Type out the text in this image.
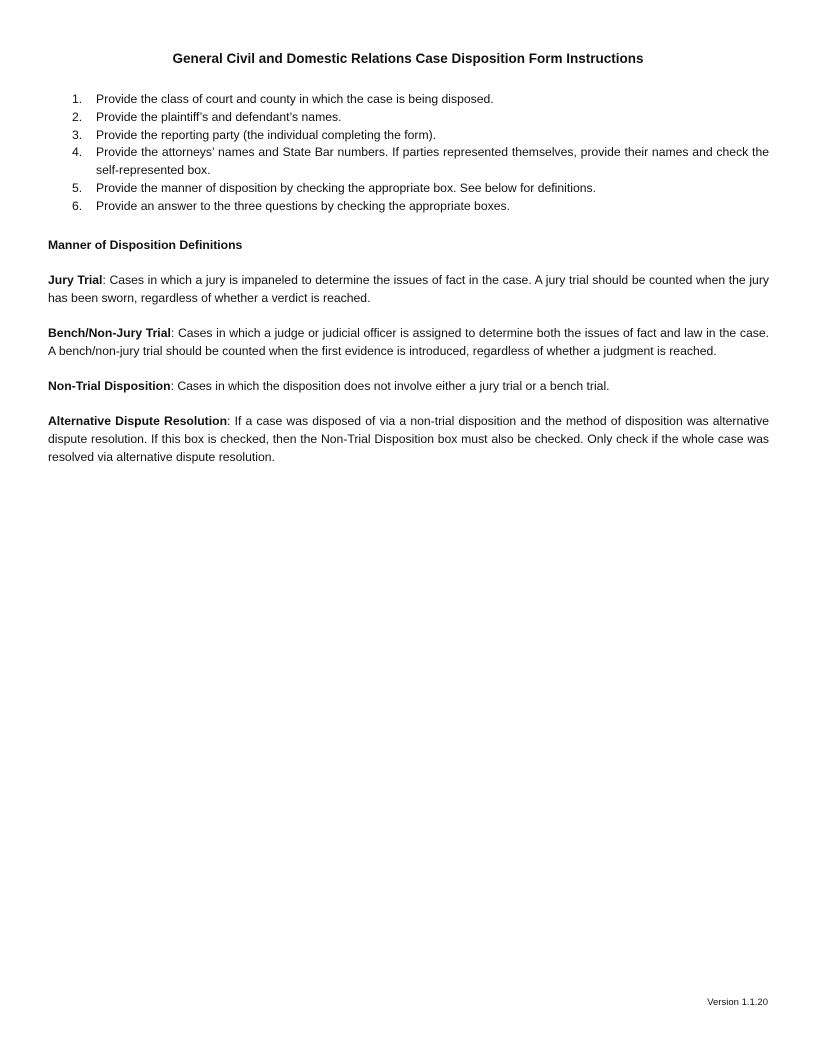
General Civil and Domestic Relations Case Disposition Form Instructions
1. Provide the class of court and county in which the case is being disposed.
2. Provide the plaintiff’s and defendant’s names.
3. Provide the reporting party (the individual completing the form).
4. Provide the attorneys’ names and State Bar numbers. If parties represented themselves, provide their names and check the self-represented box.
5. Provide the manner of disposition by checking the appropriate box. See below for definitions.
6. Provide an answer to the three questions by checking the appropriate boxes.
Manner of Disposition Definitions

Jury Trial: Cases in which a jury is impaneled to determine the issues of fact in the case. A jury trial should be counted when the jury has been sworn, regardless of whether a verdict is reached.

Bench/Non-Jury Trial: Cases in which a judge or judicial officer is assigned to determine both the issues of fact and law in the case. A bench/non-jury trial should be counted when the first evidence is introduced, regardless of whether a judgment is reached.

Non-Trial Disposition: Cases in which the disposition does not involve either a jury trial or a bench trial.

Alternative Dispute Resolution: If a case was disposed of via a non-trial disposition and the method of disposition was alternative dispute resolution. If this box is checked, then the Non-Trial Disposition box must also be checked. Only check if the whole case was resolved via alternative dispute resolution.

Version 1.1.20
